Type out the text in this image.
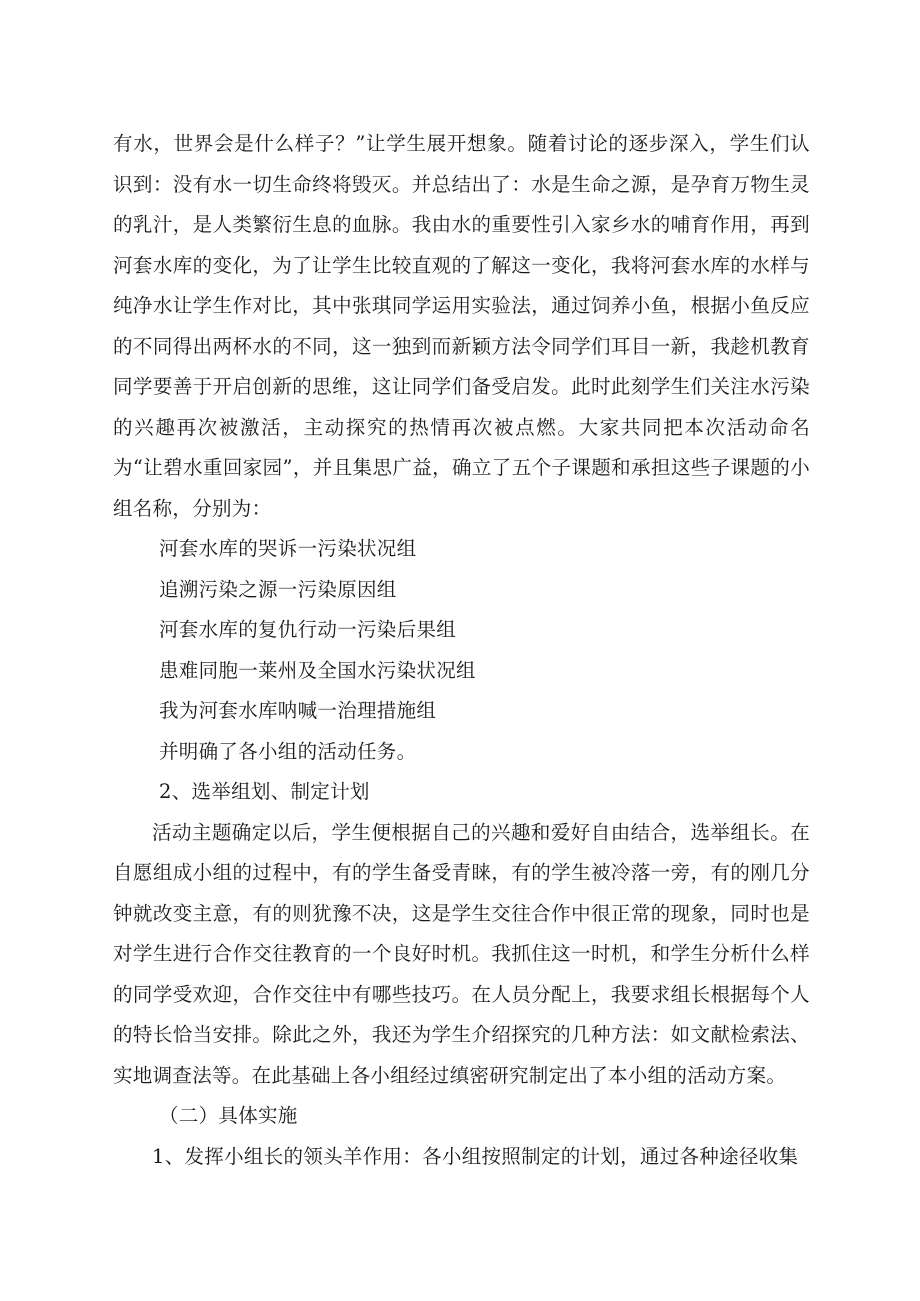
有水，世界会是什么样子？”让学生展开想象。随着讨论的逐步深入，学生们认识到：没有水一切生命终将毁灭。并总结出了：水是生命之源，是孕育万物生灵的乳汁，是人类繁衍生息的血脉。我由水的重要性引入家乡水的哺育作用，再到河套水库的变化，为了让学生比较直观的了解这一变化，我将河套水库的水样与纯净水让学生作对比，其中张琪同学运用实验法，通过饲养小鱼，根据小鱼反应的不同得出两杯水的不同，这一独到而新颖方法令同学们耳目一新，我趁机教育同学要善于开启创新的思维，这让同学们备受启发。此时此刻学生们关注水污染的兴趣再次被激活，主动探究的热情再次被点燃。大家共同把本次活动命名为“让碧水重回家园”，并且集思广益，确立了五个子课题和承担这些子课题的小组名称，分别为：

河套水库的哭诉一污染状况组

追溯污染之源一污染原因组

河套水库的复仇行动一污染后果组

患难同胞一莱州及全国水污染状况组

我为河套水库呐喊一治理措施组

并明确了各小组的活动任务。

2、选举组划、制定计划

活动主题确定以后，学生便根据自己的兴趣和爱好自由结合，选举组长。在自愿组成小组的过程中，有的学生备受青睐，有的学生被冷落一旁，有的刚几分钟就改变主意，有的则犹豫不决，这是学生交往合作中很正常的现象，同时也是对学生进行合作交往教育的一个良好时机。我抓住这一时机，和学生分析什么样的同学受欢迎，合作交往中有哪些技巧。在人员分配上，我要求组长根据每个人的特长恰当安排。除此之外，我还为学生介绍探究的几种方法：如文献检索法、实地调查法等。在此基础上各小组经过缜密研究制定出了本小组的活动方案。

（二）具体实施

1、发挥小组长的领头羊作用：各小组按照制定的计划，通过各种途径收集
